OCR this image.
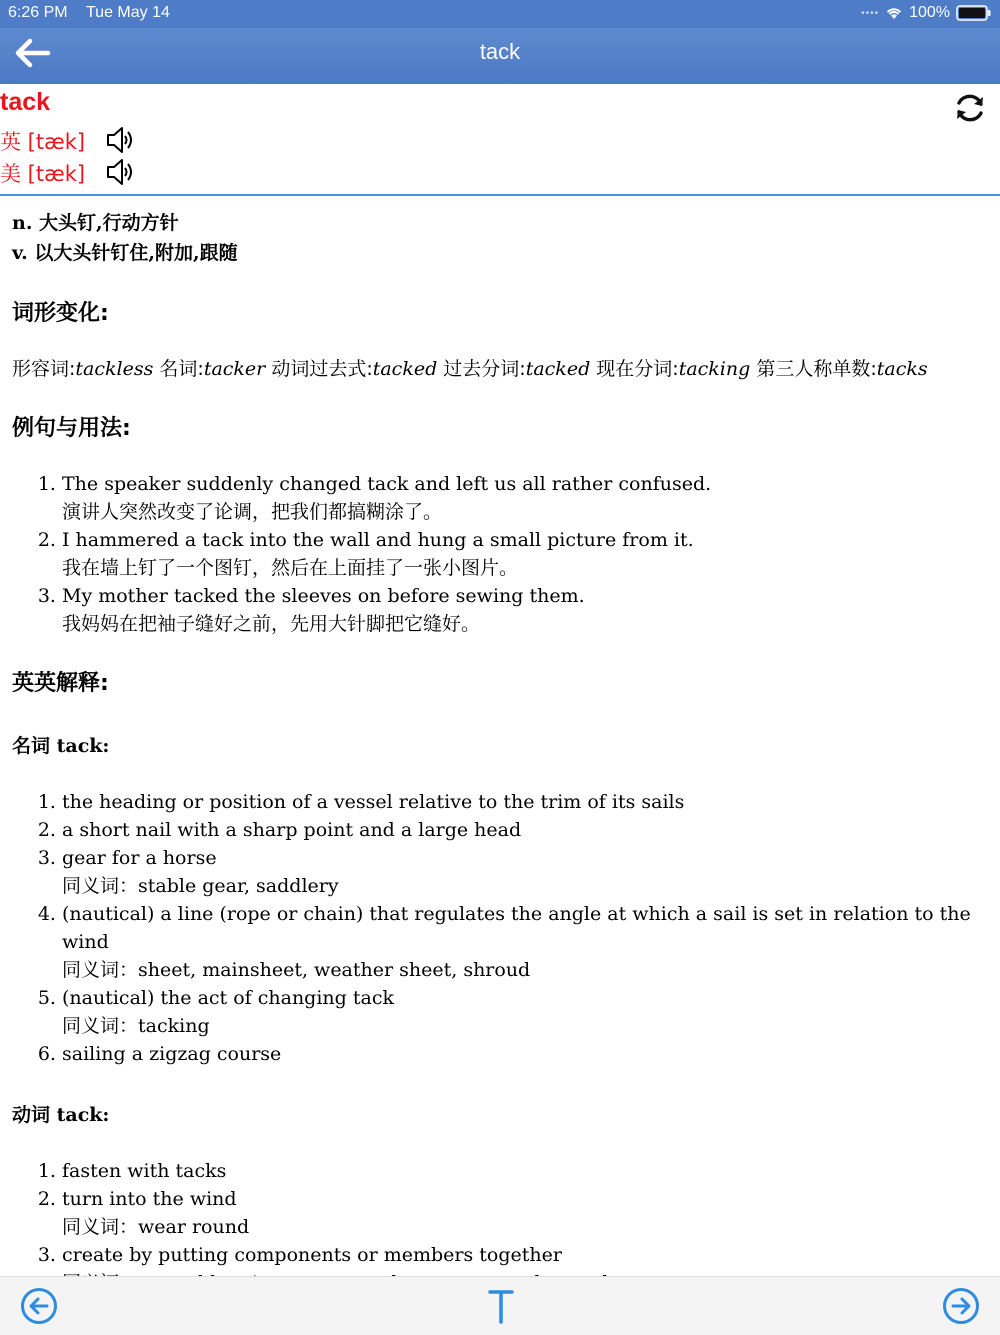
6:26 PM Tue May 14	•••• 100%
tack
tack
英 [tæk]
美 [tæk]

n. 大头钉,行动方针

v. 以大头针钉住,附加,跟随

词形变化:

形容词:tackless 名词:tacker 动词过去式:tacked 过去分词:tacked 现在分词:tacking 第三人称单数:tacks

例句与用法:

1. The speaker suddenly changed tack and left us all rather confused.
演讲人突然改变了论调，把我们都搞糊涂了。
2. I hammered a tack into the wall and hung a small picture from it.
我在墙上钉了一个图钉，然后在上面挂了一张小图片。
3. My mother tacked the sleeves on before sewing them.
我妈妈在把袖子缝好之前，先用大针脚把它缝好。

英英解释:

名词 tack:

1. the heading or position of a vessel relative to the trim of its sails
2. a short nail with a sharp point and a large head
3. gear for a horse
同义词：stable gear, saddlery
4. (nautical) a line (rope or chain) that regulates the angle at which a sail is set in relation to the wind
同义词：sheet, mainsheet, weather sheet, shroud
5. (nautical) the act of changing tack
同义词：tacking
6. sailing a zigzag course

动词 tack:

1. fasten with tacks
2. turn into the wind
同义词：wear round
3. create by putting components or members together

4.
